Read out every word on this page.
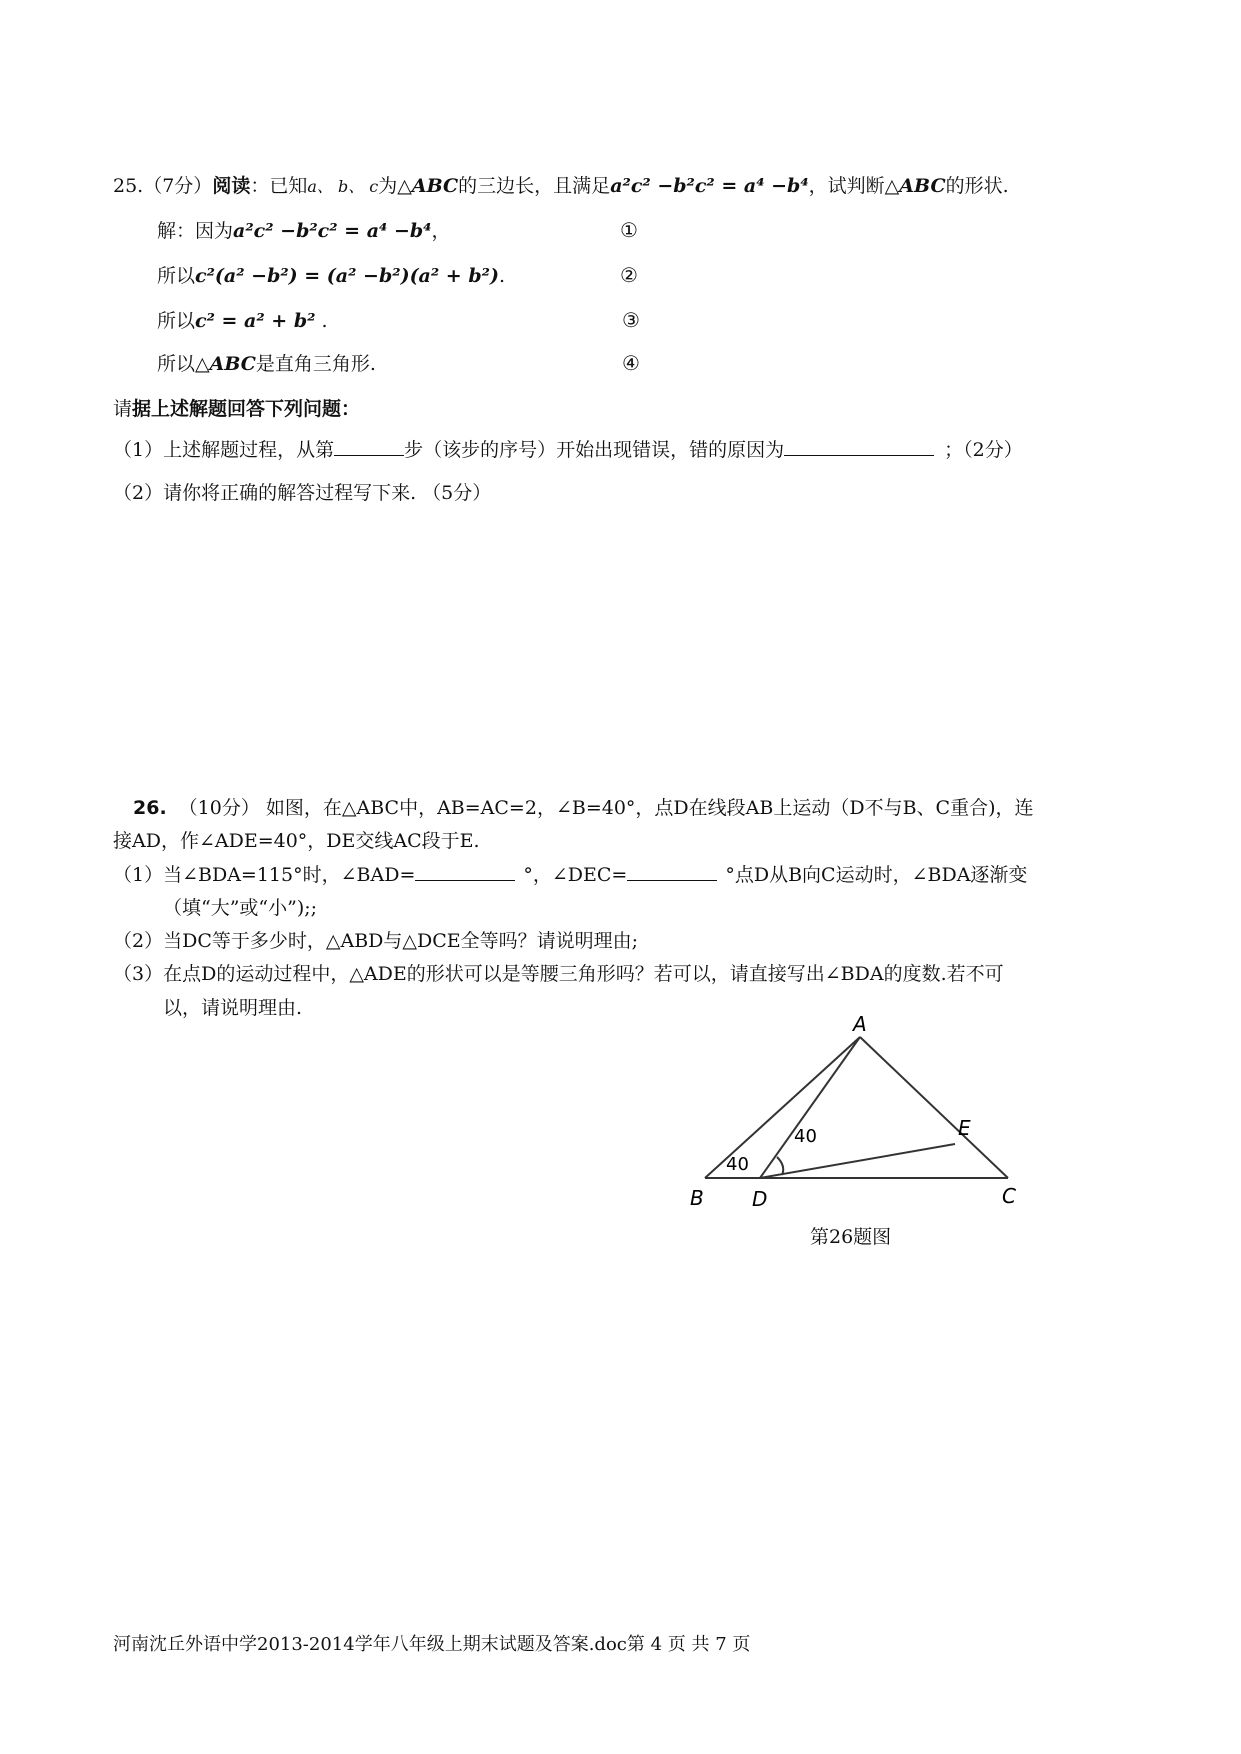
25.（7分）阅读：已知a、 b、 c为△ABC的三边长，且满足a²c² −b²c² = a⁴ −b⁴，试判断△ABC的形状.
解：因为a²c² −b²c² = a⁴ −b⁴，	①
所以c²(a² −b²) = (a² −b²)(a² + b²).	②
所以c² = a² + b² .	③
所以△ABC是直角三角形.	④
请据上述解题回答下列问题：
（1）上述解题过程，从第	步（该步的序号）开始出现错误，错的原因为	；（2分）
（2）请你将正确的解答过程写下来. （5分）
26. （10分） 如图，在△ABC中，AB=AC=2，∠B=40°，点D在线段AB上运动（D不与B、C重合)，连
接AD，作∠ADE=40°，DE交线AC段于E.
（1）当∠BDA=115°时，∠BAD=	°，∠DEC=	°点D从B向C运动时，∠BDA逐渐变
（填“大”或“小”);;
（2）当DC等于多少时，△ABD与△DCE全等吗？请说明理由;
（3）在点D的运动过程中，△ADE的形状可以是等腰三角形吗？若可以，请直接写出∠BDA的度数.若不可
以，请说明理由.
A
B	C
D
E
40
40
第26题图
河南沈丘外语中学2013-2014学年八年级上期末试题及答案.doc第 4 页 共 7 页
